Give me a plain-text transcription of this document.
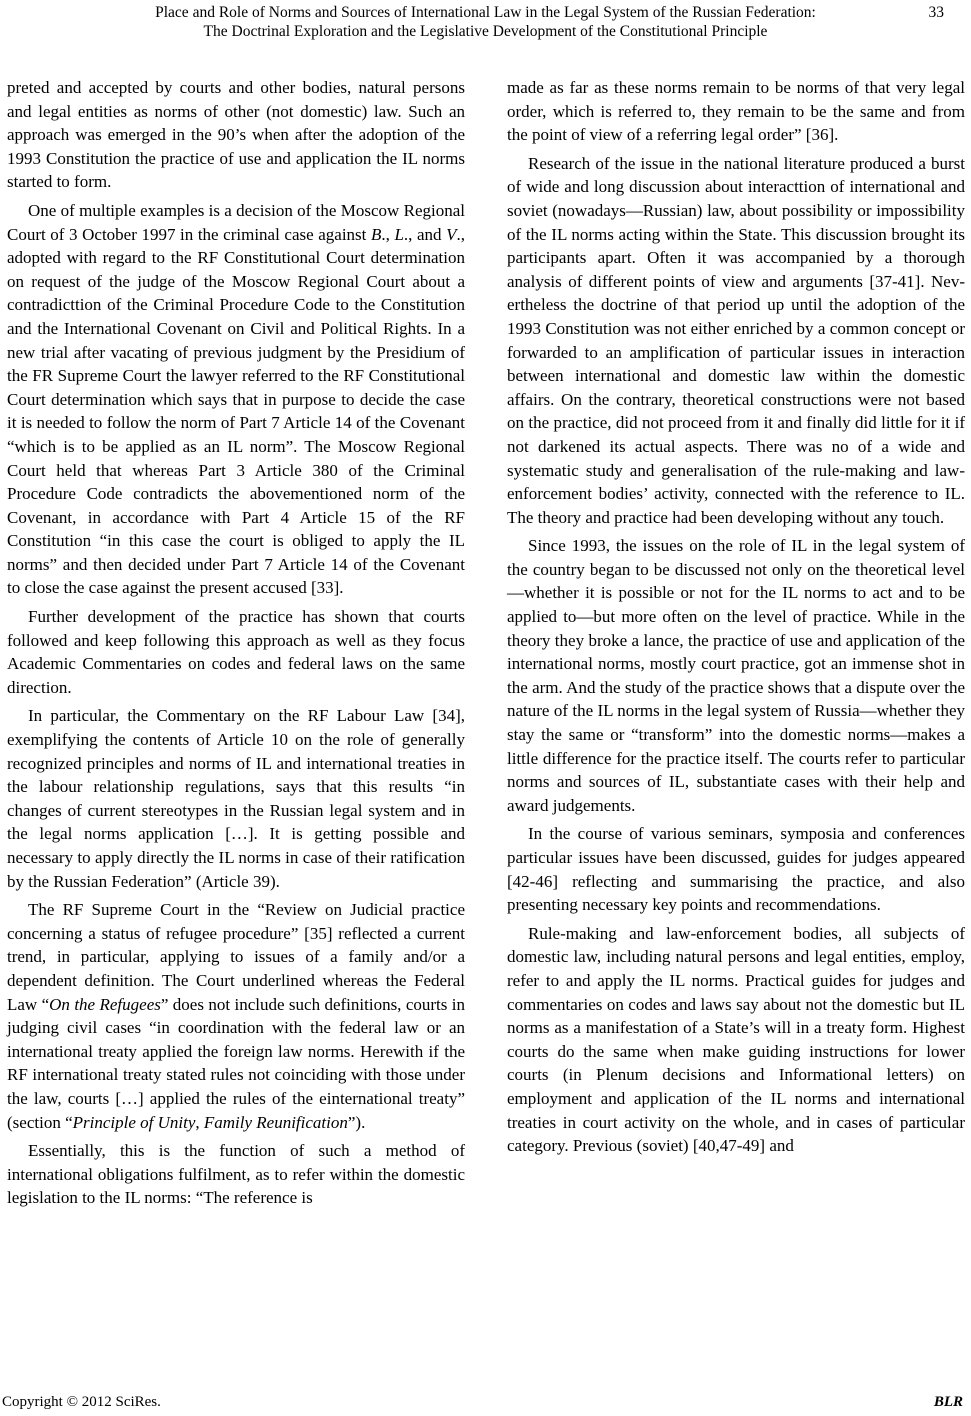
Place and Role of Norms and Sources of International Law in the Legal System of the Russian Federation:
The Doctrinal Exploration and the Legislative Development of the Constitutional Principle
33

preted and accepted by courts and other bodies, natural persons and legal entities as norms of other (not domestic) law. Such an approach was emerged in the 90’s when after the adoption of the 1993 Constitution the practice of use and application the IL norms started to form.

One of multiple examples is a decision of the Moscow Regional Court of 3 October 1997 in the criminal case against B., L., and V., adopted with regard to the RF Constitutional Court determination on request of the judge of the Moscow Regional Court about a contradicttion of the Criminal Procedure Code to the Constitution and the International Covenant on Civil and Political Rights. In a new trial after vacating of previous judgment by the Presidium of the FR Supreme Court the lawyer referred to the RF Constitutional Court determination which says that in purpose to decide the case it is needed to follow the norm of Part 7 Article 14 of the Covenant “which is to be applied as an IL norm”. The Moscow Regional Court held that whereas Part 3 Article 380 of the Criminal Procedure Code contradicts the abovementioned norm of the Covenant, in accordance with Part 4 Article 15 of the RF Constitution “in this case the court is obliged to apply the IL norms” and then decided under Part 7 Article 14 of the Covenant to close the case against the present accused [33].

Further development of the practice has shown that courts followed and keep following this approach as well as they focus Academic Commentaries on codes and federal laws on the same direction.

In particular, the Commentary on the RF Labour Law [34], exemplifying the contents of Article 10 on the role of generally recognized principles and norms of IL and international treaties in the labour relationship regulations, says that this results “in changes of current stereotypes in the Russian legal system and in the legal norms application […]. It is getting possible and necessary to apply directly the IL norms in case of their ratification by the Russian Federation” (Article 39).

The RF Supreme Court in the “Review on Judicial practice concerning a status of refugee procedure” [35] reflected a current trend, in particular, applying to issues of a family and/or a dependent definition. The Court underlined whereas the Federal Law “On the Refugees” does not include such definitions, courts in judging civil cases “in coordination with the federal law or an international treaty applied the foreign law norms. Herewith if the RF international treaty stated rules not coinciding with those under the law, courts […] applied the rules of the einternational treaty” (section “Principle of Unity, Family Reunification”).

Essentially, this is the function of such a method of international obligations fulfilment, as to refer within the domestic legislation to the IL norms: “The reference is

made as far as these norms remain to be norms of that very legal order, which is referred to, they remain to be the same and from the point of view of a referring legal order” [36].

Research of the issue in the national literature produced a burst of wide and long discussion about interacttion of international and soviet (nowadays—Russian) law, about possibility or impossibility of the IL norms acting within the State. This discussion brought its participants apart. Often it was accompanied by a thorough analysis of different points of view and arguments [37-41]. Nevertheless the doctrine of that period up until the adoption of the 1993 Constitution was not either enriched by a common concept or forwarded to an amplification of particular issues in interaction between international and domestic law within the domestic affairs. On the contrary, theoretical constructions were not based on the practice, did not proceed from it and finally did little for it if not darkened its actual aspects. There was no of a wide and systematic study and generalisation of the rule-making and law-enforcement bodies’ activity, connected with the reference to IL. The theory and practice had been developing without any touch.

Since 1993, the issues on the role of IL in the legal system of the country began to be discussed not only on the theoretical level—whether it is possible or not for the IL norms to act and to be applied to—but more often on the level of practice. While in the theory they broke a lance, the practice of use and application of the international norms, mostly court practice, got an immense shot in the arm. And the study of the practice shows that a dispute over the nature of the IL norms in the legal system of Russia—whether they stay the same or “transform” into the domestic norms—makes a little difference for the practice itself. The courts refer to particular norms and sources of IL, substantiate cases with their help and award judgements.

In the course of various seminars, symposia and conferences particular issues have been discussed, guides for judges appeared [42-46] reflecting and summarising the practice, and also presenting necessary key points and recommendations.

Rule-making and law-enforcement bodies, all subjects of domestic law, including natural persons and legal entities, employ, refer to and apply the IL norms. Practical guides for judges and commentaries on codes and laws say about not the domestic but IL norms as a manifestation of a State’s will in a treaty form. Highest courts do the same when make guiding instructions for lower courts (in Plenum decisions and Informational letters) on employment and application of the IL norms and international treaties in court activity on the whole, and in cases of particular category. Previous (soviet) [40,47-49] and

Copyright © 2012 SciRes.	BLR
